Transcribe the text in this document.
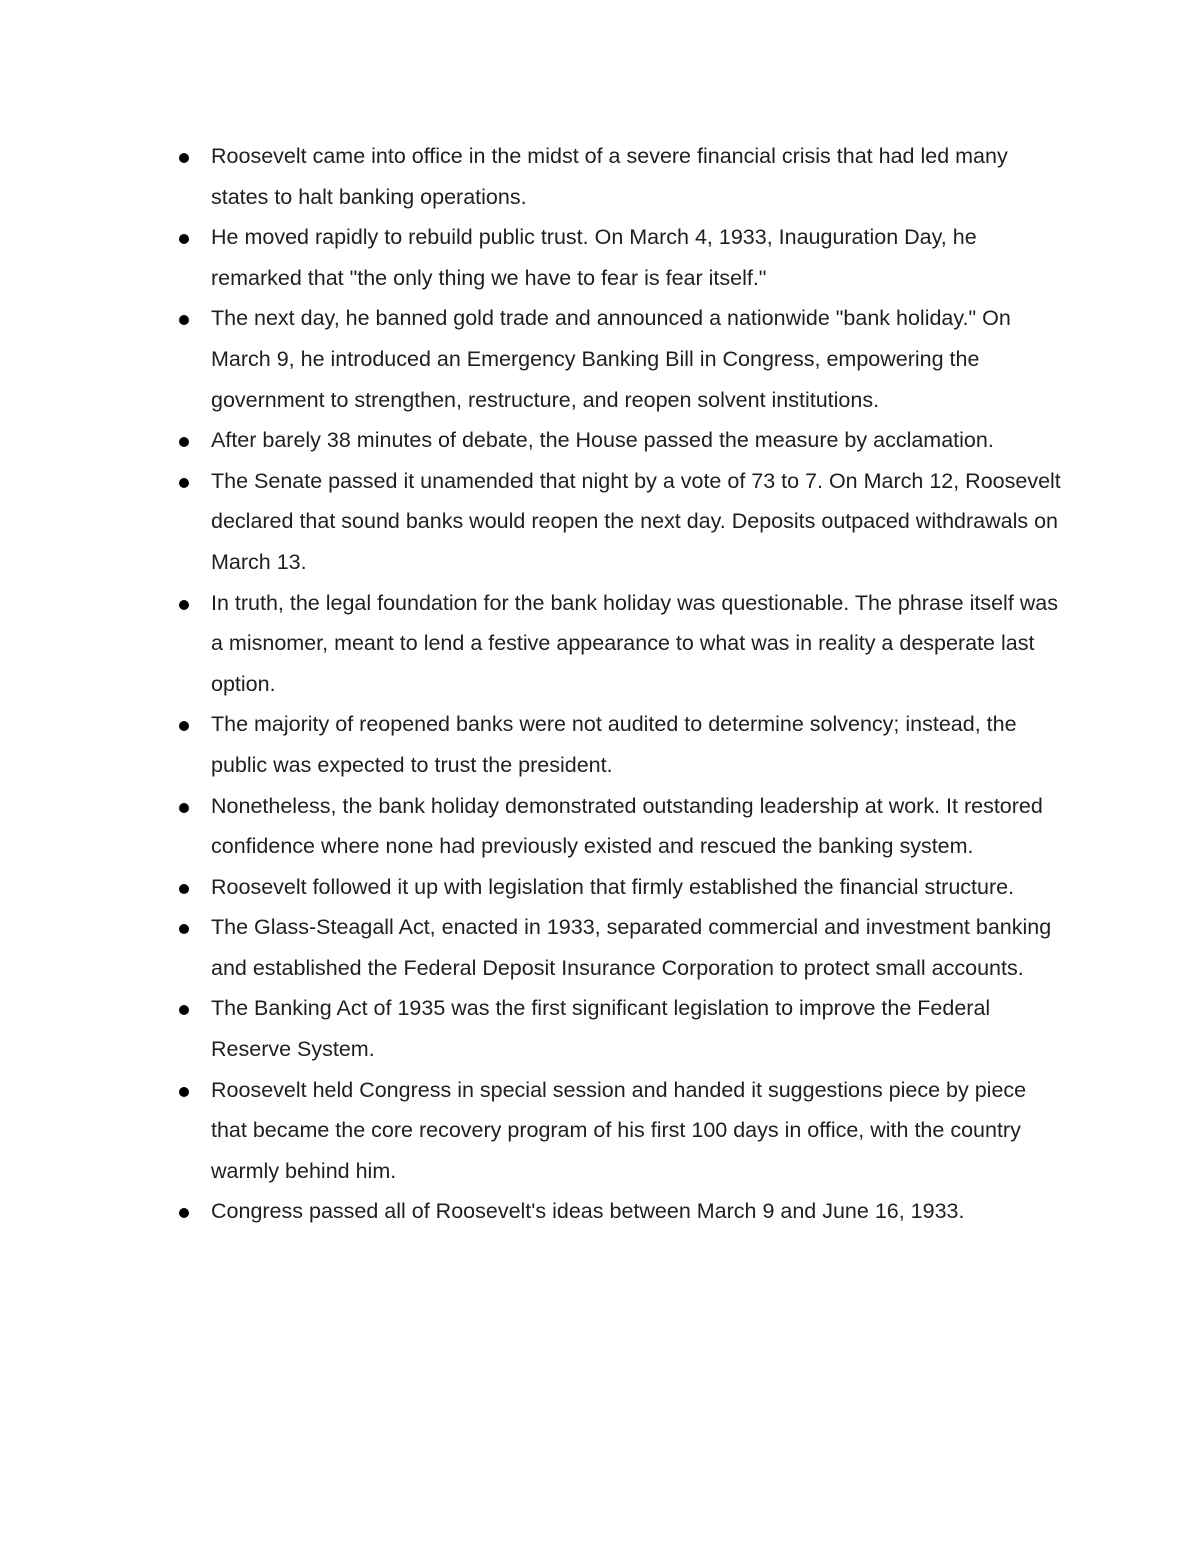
Roosevelt came into office in the midst of a severe financial crisis that had led many states to halt banking operations.
He moved rapidly to rebuild public trust. On March 4, 1933, Inauguration Day, he remarked that "the only thing we have to fear is fear itself."
The next day, he banned gold trade and announced a nationwide "bank holiday." On March 9, he introduced an Emergency Banking Bill in Congress, empowering the government to strengthen, restructure, and reopen solvent institutions.
After barely 38 minutes of debate, the House passed the measure by acclamation.
The Senate passed it unamended that night by a vote of 73 to 7. On March 12, Roosevelt declared that sound banks would reopen the next day. Deposits outpaced withdrawals on March 13.
In truth, the legal foundation for the bank holiday was questionable. The phrase itself was a misnomer, meant to lend a festive appearance to what was in reality a desperate last option.
The majority of reopened banks were not audited to determine solvency; instead, the public was expected to trust the president.
Nonetheless, the bank holiday demonstrated outstanding leadership at work. It restored confidence where none had previously existed and rescued the banking system.
Roosevelt followed it up with legislation that firmly established the financial structure.
The Glass-Steagall Act, enacted in 1933, separated commercial and investment banking and established the Federal Deposit Insurance Corporation to protect small accounts.
The Banking Act of 1935 was the first significant legislation to improve the Federal Reserve System.
Roosevelt held Congress in special session and handed it suggestions piece by piece that became the core recovery program of his first 100 days in office, with the country warmly behind him.
Congress passed all of Roosevelt's ideas between March 9 and June 16, 1933.
